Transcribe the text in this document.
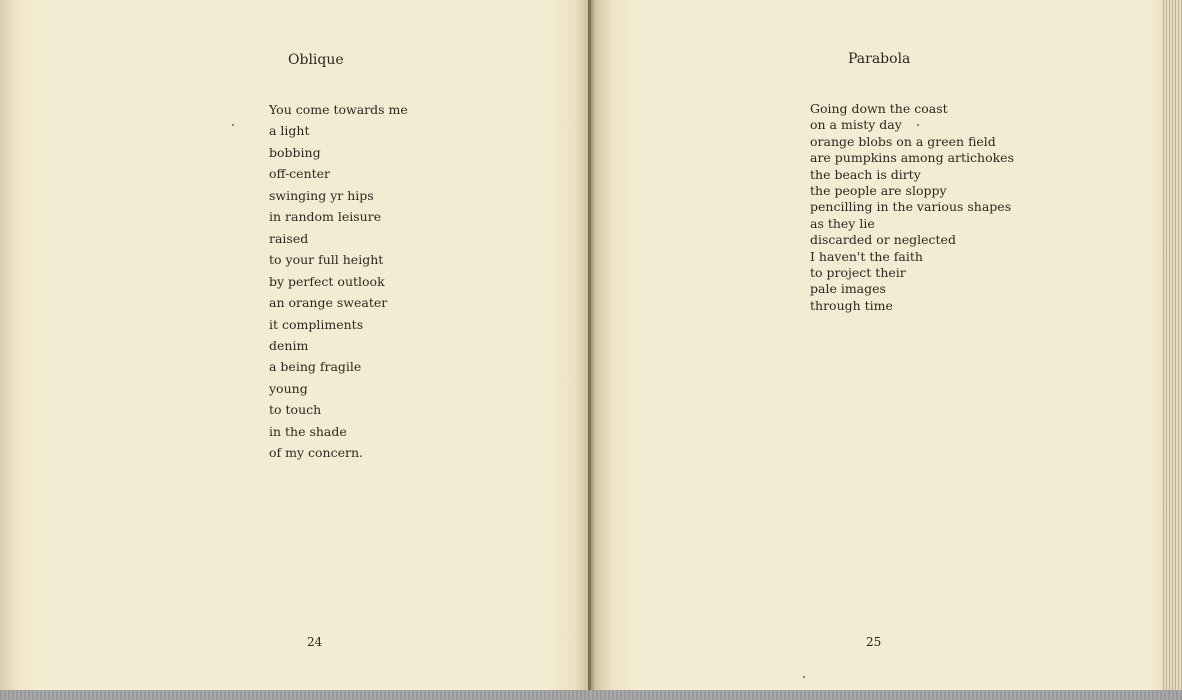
Oblique
You come towards me
a light
bobbing
off-center
swinging yr hips
in random leisure
raised
to your full height
by perfect outlook
an orange sweater
it compliments
denim
a being fragile
young
to touch
in the shade
of my concern.
24
Parabola
Going down the coast
on a misty day
orange blobs on a green field
are pumpkins among artichokes
the beach is dirty
the people are sloppy
pencilling in the various shapes
as they lie
discarded or neglected
I haven't the faith
to project their
pale images
through time
25
